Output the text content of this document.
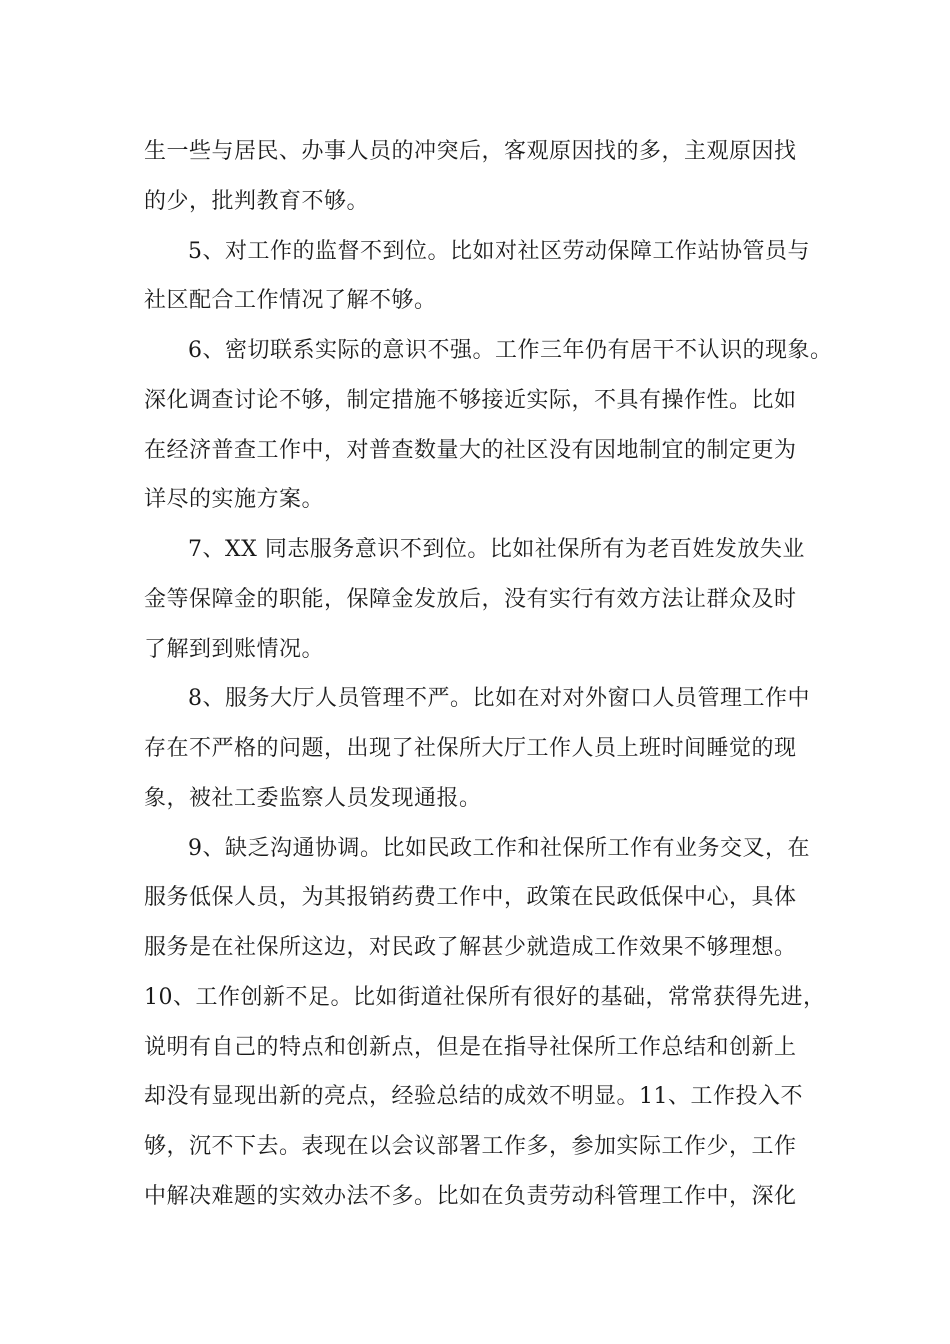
生一些与居民、办事人员的冲突后，客观原因找的多，主观原因找
的少，批判教育不够。
5、对工作的监督不到位。比如对社区劳动保障工作站协管员与
社区配合工作情况了解不够。
6、密切联系实际的意识不强。工作三年仍有居干不认识的现象。
深化调查讨论不够，制定措施不够接近实际，不具有操作性。比如
在经济普查工作中，对普查数量大的社区没有因地制宜的制定更为
详尽的实施方案。
7、XX 同志服务意识不到位。比如社保所有为老百姓发放失业
金等保障金的职能，保障金发放后，没有实行有效方法让群众及时
了解到到账情况。
8、服务大厅人员管理不严。比如在对对外窗口人员管理工作中
存在不严格的问题，出现了社保所大厅工作人员上班时间睡觉的现
象，被社工委监察人员发现通报。
9、缺乏沟通协调。比如民政工作和社保所工作有业务交叉，在
服务低保人员，为其报销药费工作中，政策在民政低保中心，具体
服务是在社保所这边，对民政了解甚少就造成工作效果不够理想。
10、工作创新不足。比如街道社保所有很好的基础，常常获得先进，
说明有自己的特点和创新点，但是在指导社保所工作总结和创新上
却没有显现出新的亮点，经验总结的成效不明显。11、工作投入不
够，沉不下去。表现在以会议部署工作多，参加实际工作少，工作
中解决难题的实效办法不多。比如在负责劳动科管理工作中，深化
